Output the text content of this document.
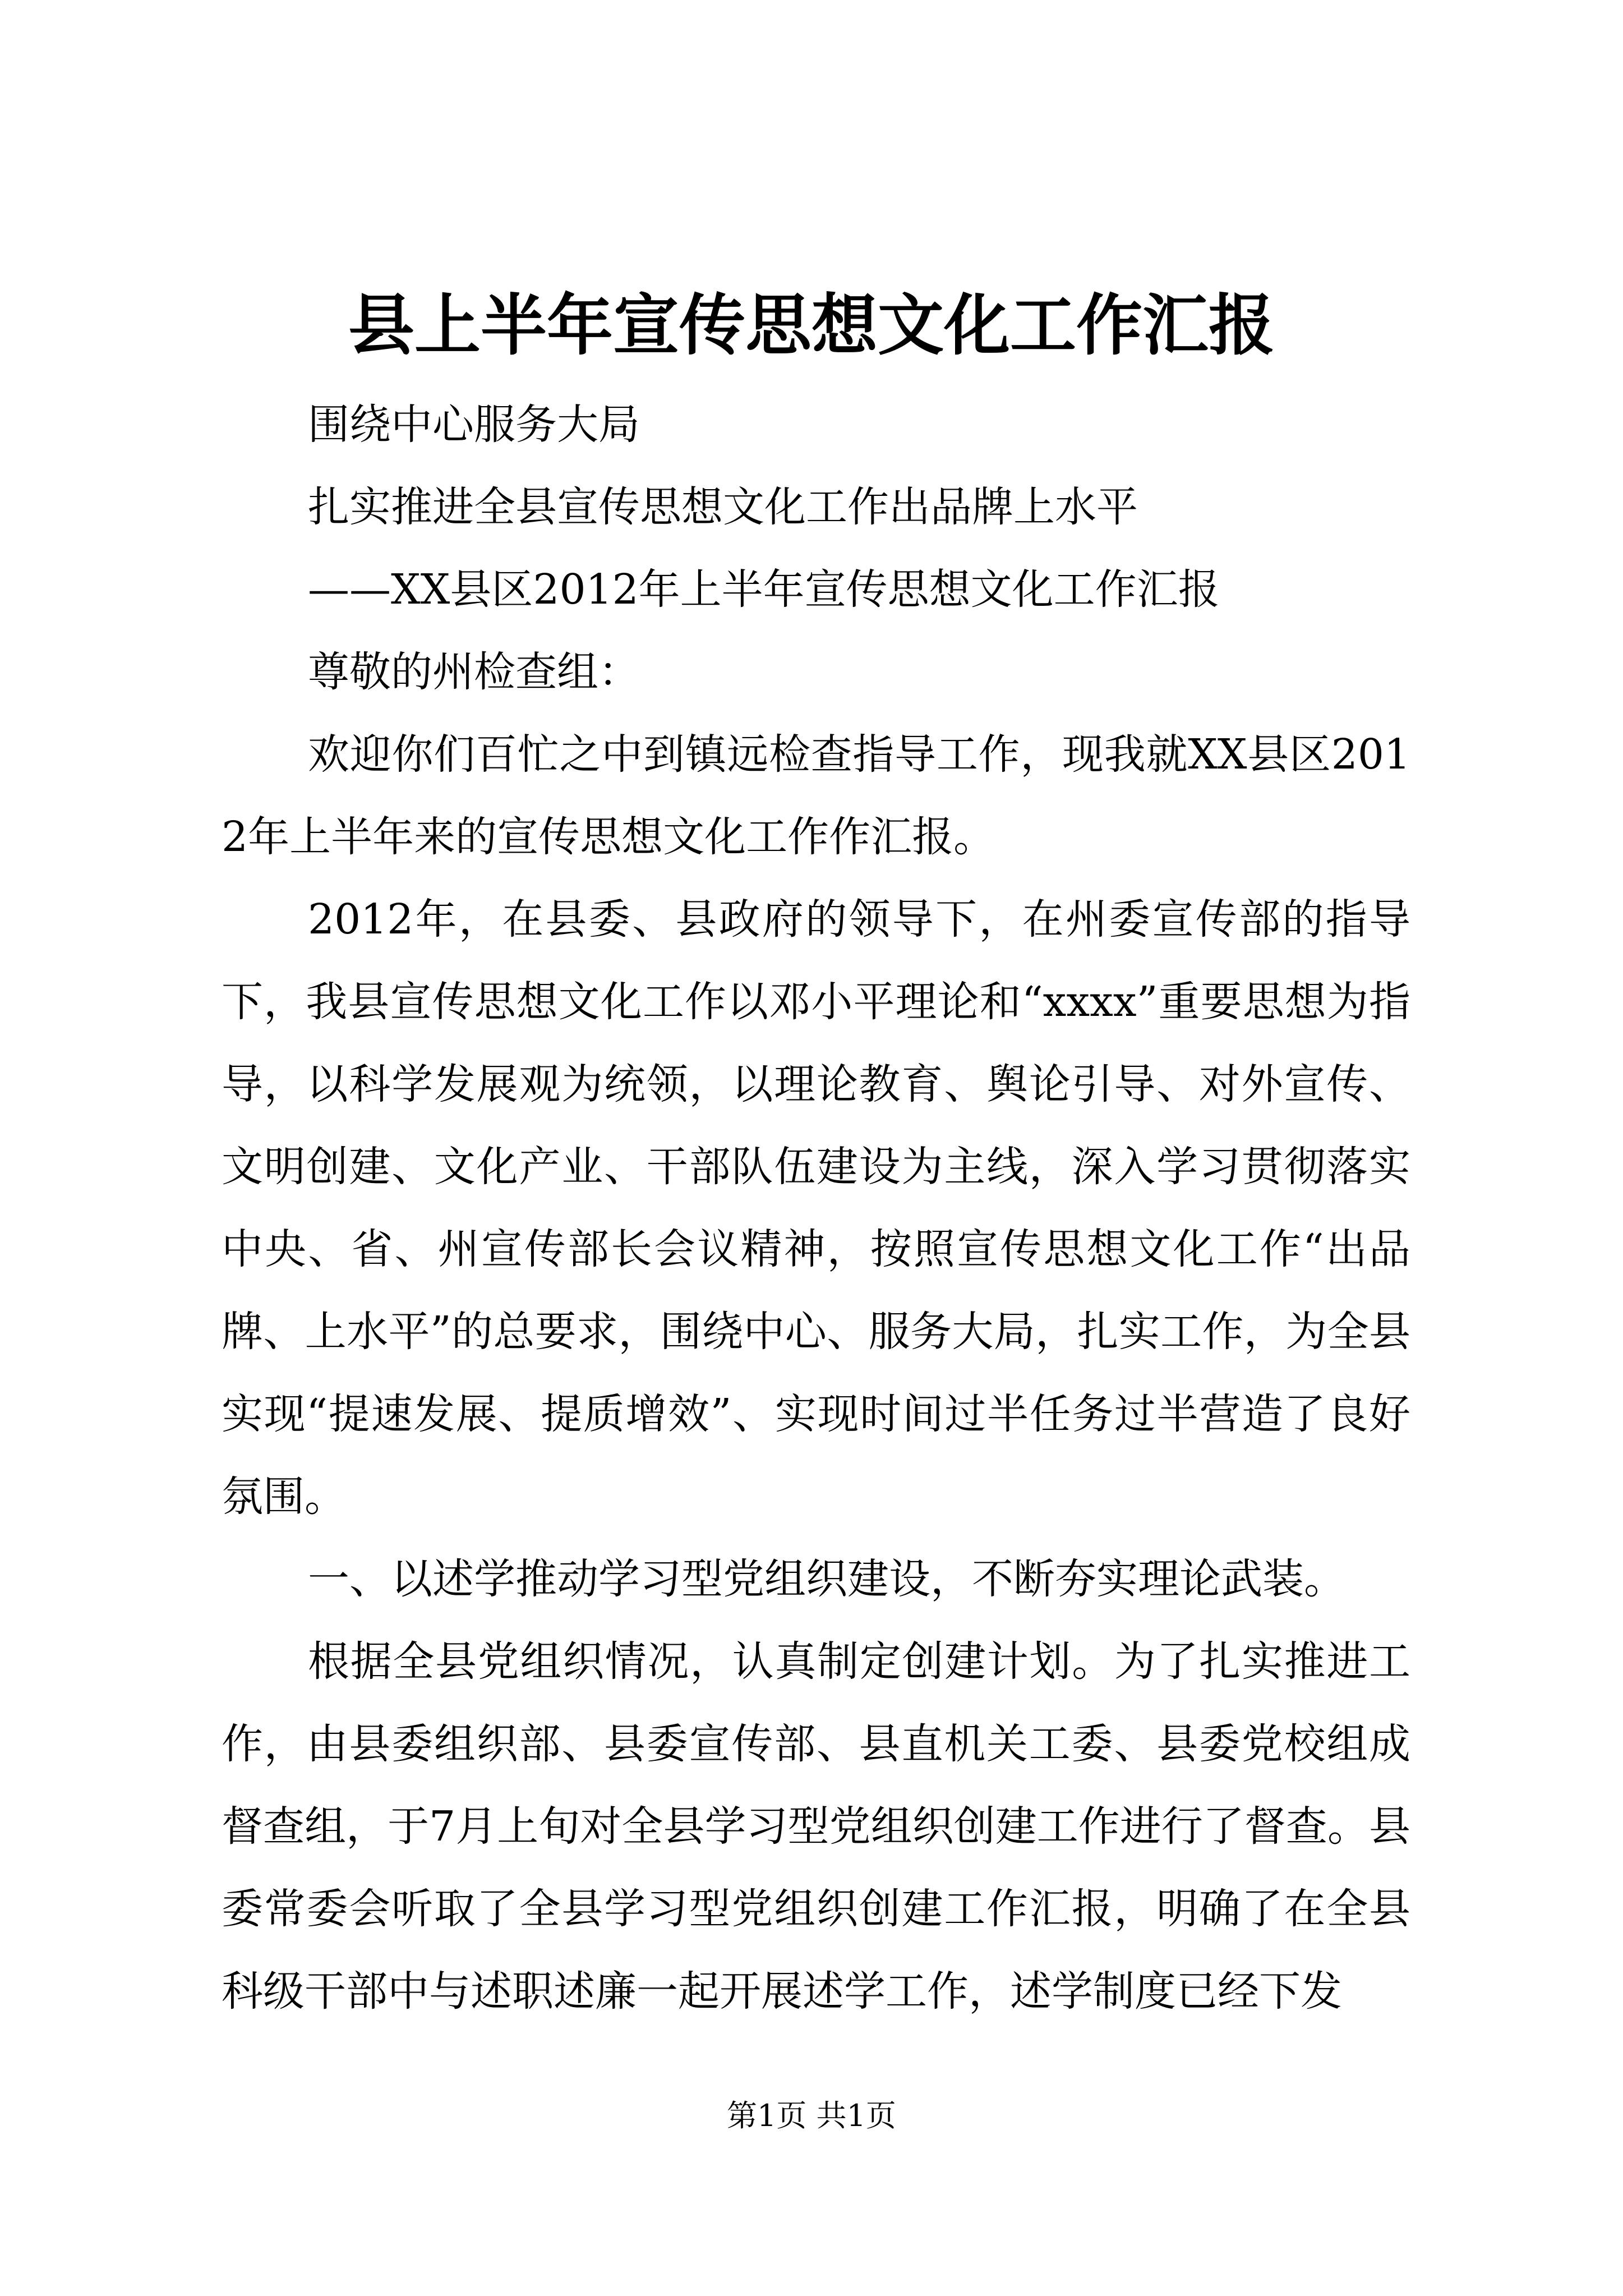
县上半年宣传思想文化工作汇报

围绕中心服务大局

扎实推进全县宣传思想文化工作出品牌上水平

——XX县区2012年上半年宣传思想文化工作汇报

尊敬的州检查组：

欢迎你们百忙之中到镇远检查指导工作，现我就XX县区2012年上半年来的宣传思想文化工作作汇报。

2012年，在县委、县政府的领导下，在州委宣传部的指导下，我县宣传思想文化工作以邓小平理论和“xxxx”重要思想为指导，以科学发展观为统领，以理论教育、舆论引导、对外宣传、文明创建、文化产业、干部队伍建设为主线，深入学习贯彻落实中央、省、州宣传部长会议精神，按照宣传思想文化工作“出品牌、上水平”的总要求，围绕中心、服务大局，扎实工作，为全县实现“提速发展、提质增效”、实现时间过半任务过半营造了良好氛围。

一、以述学推动学习型党组织建设，不断夯实理论武装。

根据全县党组织情况，认真制定创建计划。为了扎实推进工作，由县委组织部、县委宣传部、县直机关工委、县委党校组成督查组，于7月上旬对全县学习型党组织创建工作进行了督查。县委常委会听取了全县学习型党组织创建工作汇报，明确了在全县科级干部中与述职述廉一起开展述学工作，述学制度已经下发

第1页 共1页
